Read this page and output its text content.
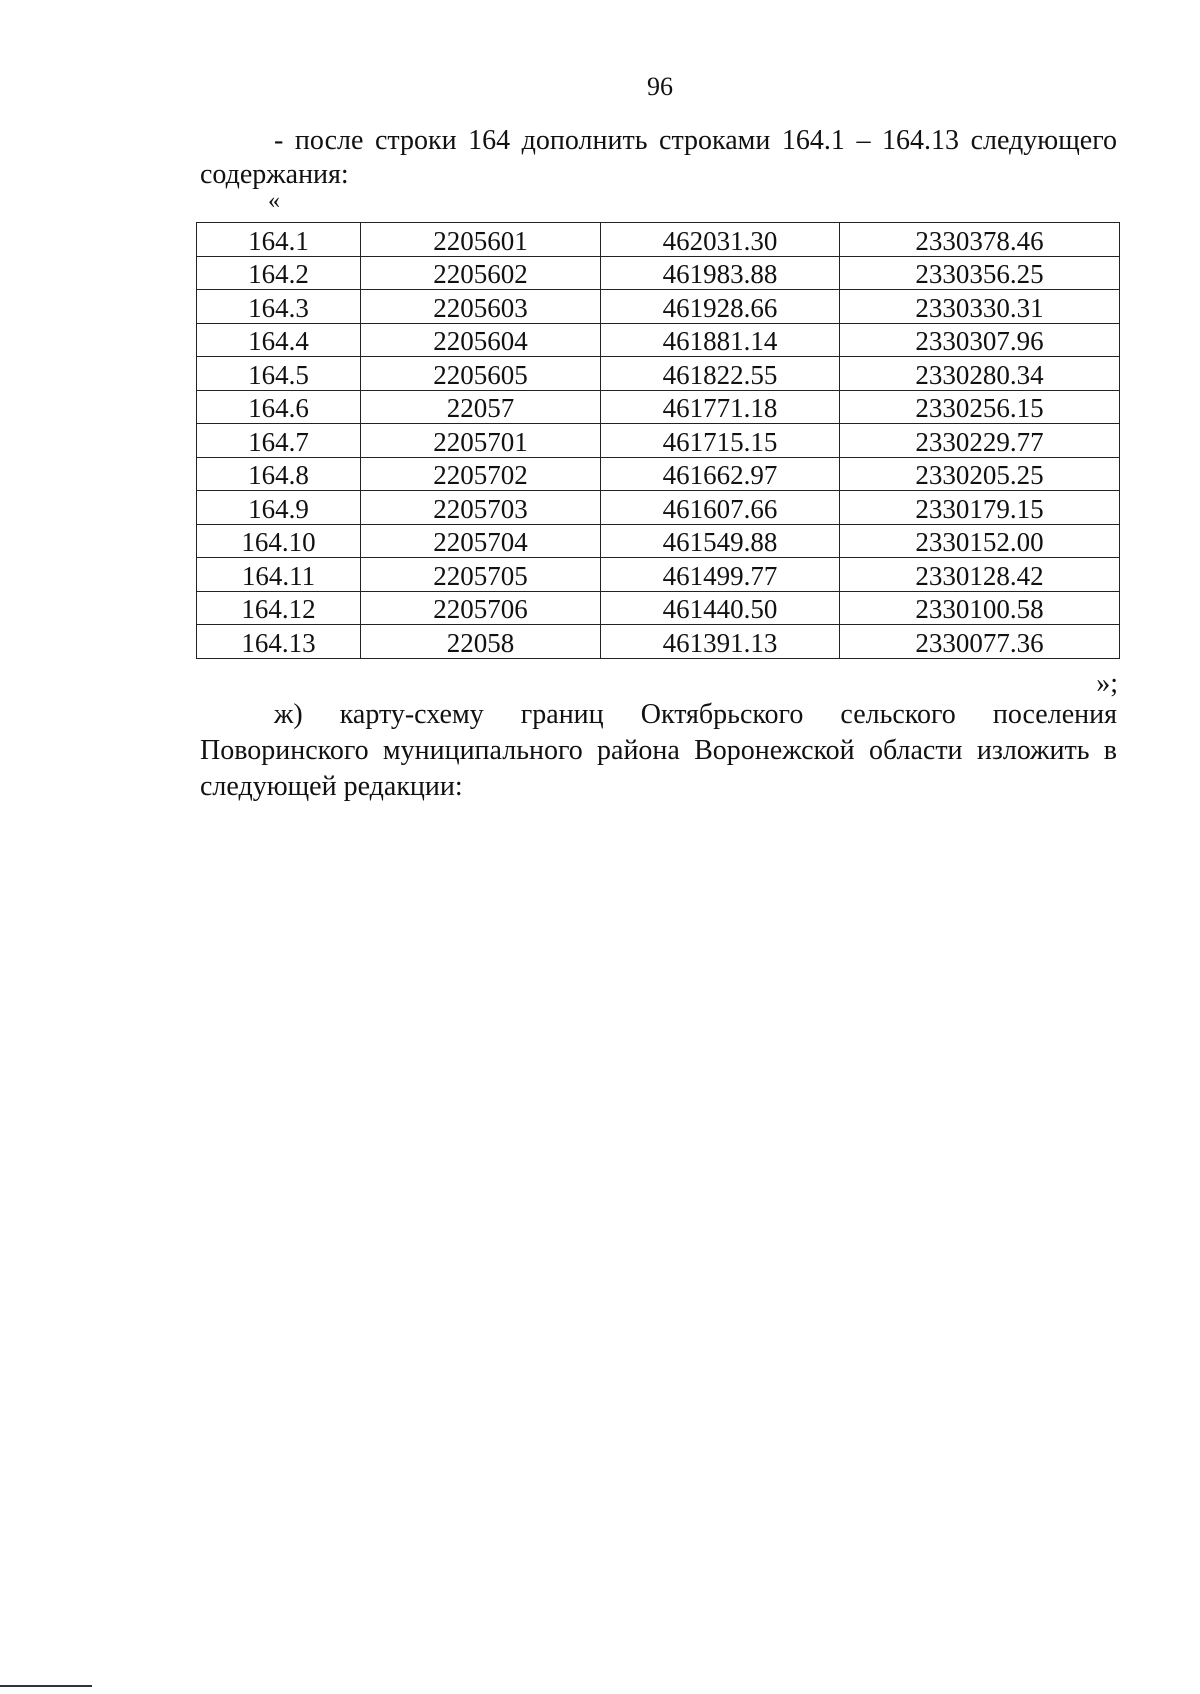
96
- после строки 164 дополнить строками 164.1 – 164.13 следующего содержания:
«
164.1	2205601	462031.30	2330378.46
164.2	2205602	461983.88	2330356.25
164.3	2205603	461928.66	2330330.31
164.4	2205604	461881.14	2330307.96
164.5	2205605	461822.55	2330280.34
164.6	22057	461771.18	2330256.15
164.7	2205701	461715.15	2330229.77
164.8	2205702	461662.97	2330205.25
164.9	2205703	461607.66	2330179.15
164.10	2205704	461549.88	2330152.00
164.11	2205705	461499.77	2330128.42
164.12	2205706	461440.50	2330100.58
164.13	22058	461391.13	2330077.36
»;
ж) карту-схему границ Октябрьского сельского поселения Поворинского муниципального района Воронежской области изложить в следующей редакции:
